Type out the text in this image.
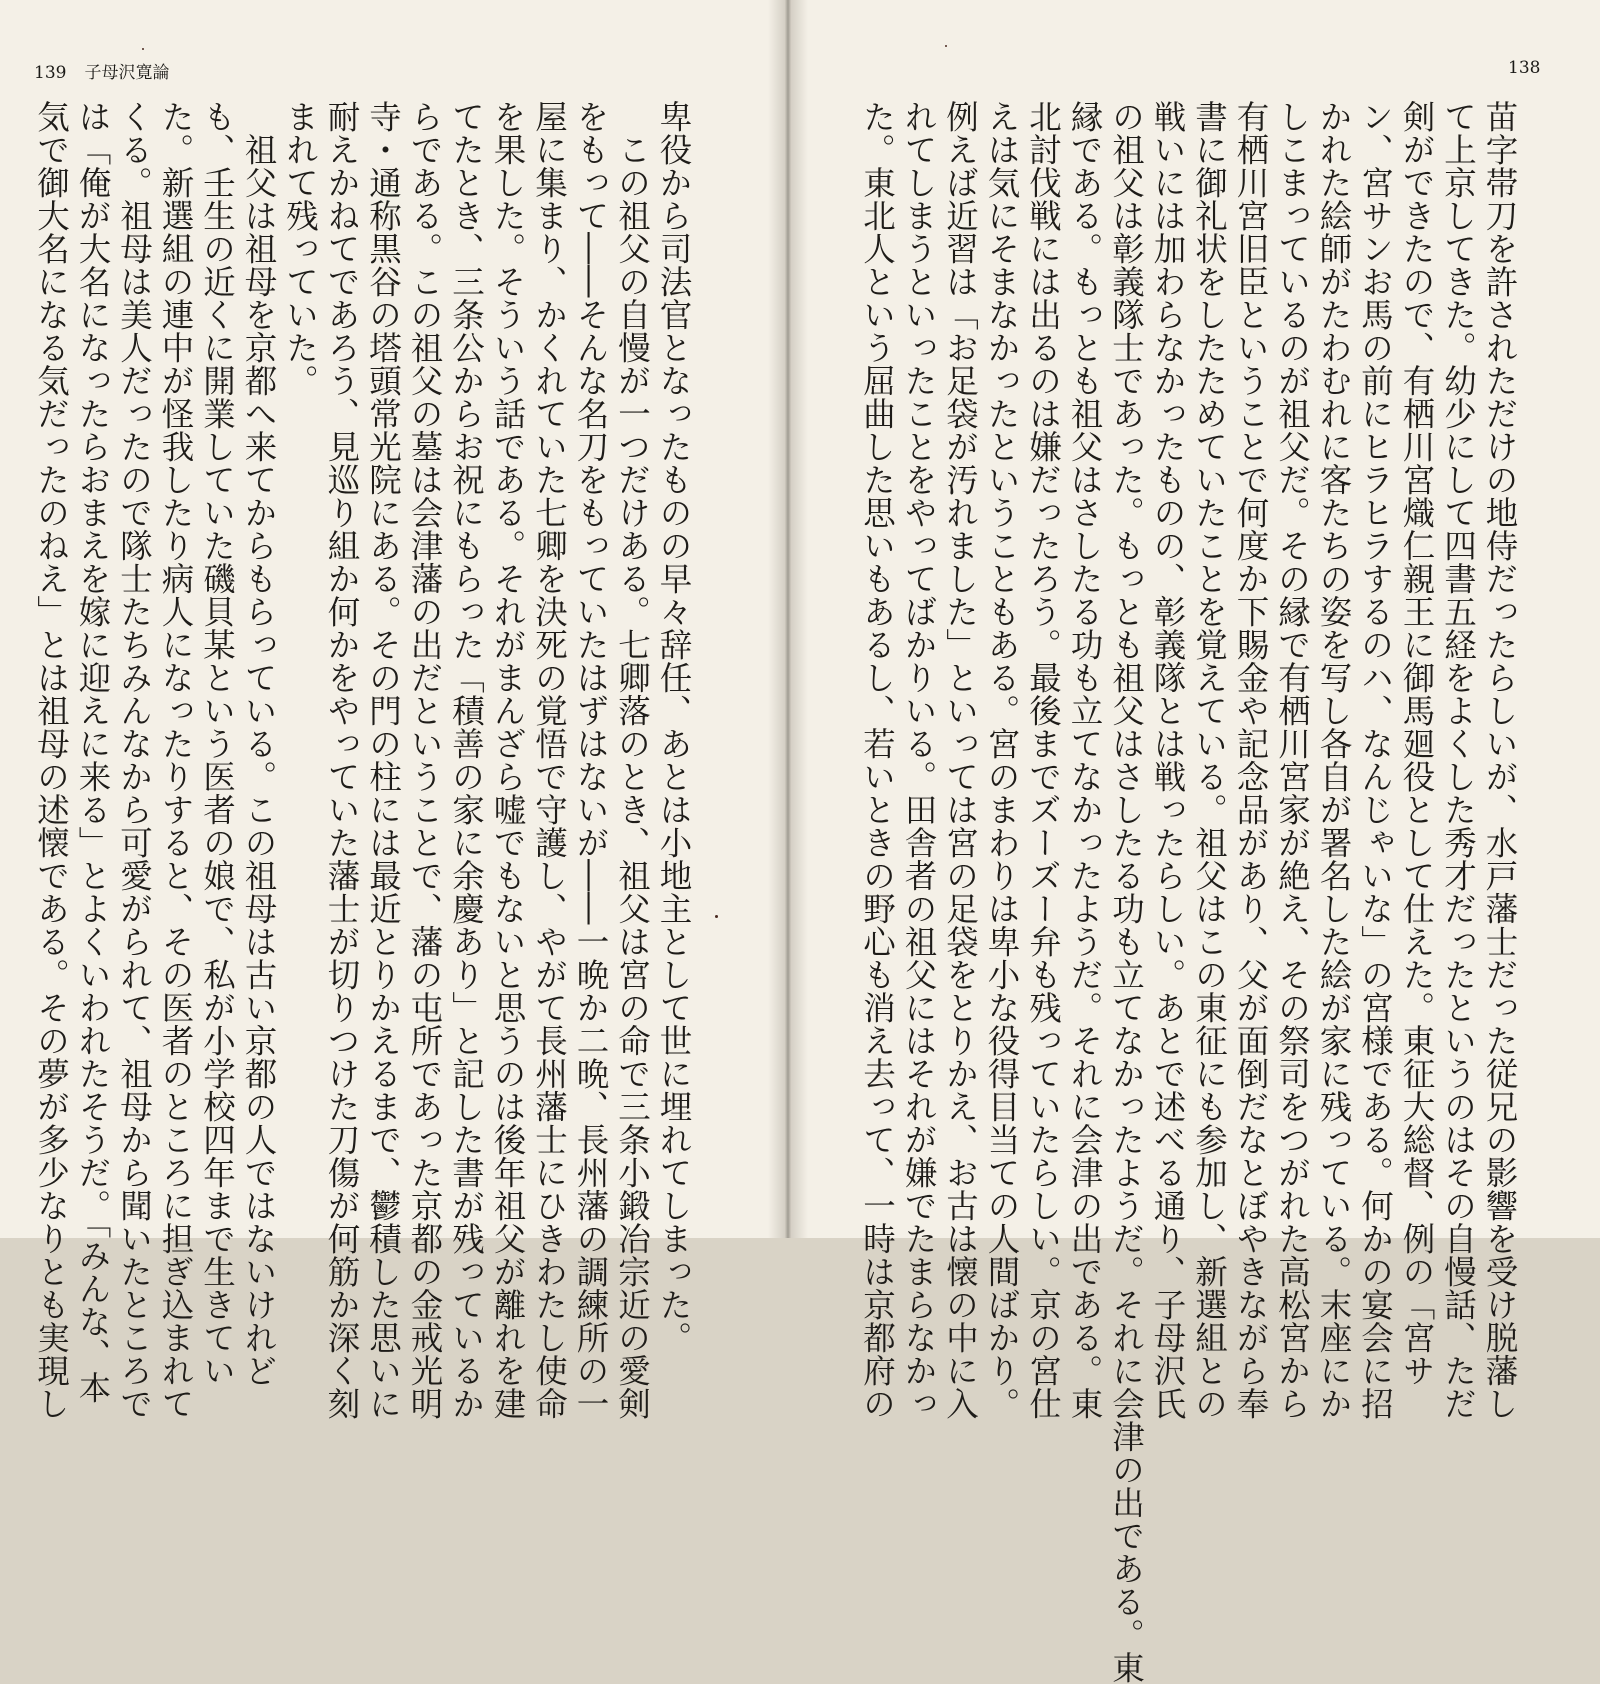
139 子母沢寛論
卑役から司法官となったものの早々辞任、あとは小地主として世に埋れてしまった。
　この祖父の自慢が一つだけある。七卿落のとき、祖父は宮の命で三条小鍛冶宗近の愛剣
をもって――そんな名刀をもっていたはずはないが――一晩か二晩、長州藩の調練所の一
屋に集まり、かくれていた七卿を決死の覚悟で守護し、やがて長州藩士にひきわたし使命
を果した。そういう話である。それがまんざら嘘でもないと思うのは後年祖父が離れを建
てたとき、三条公からお祝にもらった「積善の家に余慶あり」と記した書が残っているか
らである。この祖父の墓は会津藩の出だということで、藩の屯所であった京都の金戒光明
寺・通称黒谷の塔頭常光院にある。その門の柱には最近とりかえるまで、鬱積した思いに
耐えかねてであろう、見巡り組か何かをやっていた藩士が切りつけた刀傷が何筋か深く刻
まれて残っていた。
　祖父は祖母を京都へ来てからもらっている。この祖母は古い京都の人ではないけれど
も、壬生の近くに開業していた磯貝某という医者の娘で、私が小学校四年まで生きてい
た。新選組の連中が怪我したり病人になったりすると、その医者のところに担ぎ込まれて
くる。祖母は美人だったので隊士たちみんなから可愛がられて、祖母から聞いたところで
は「俺が大名になったらおまえを嫁に迎えに来る」とよくいわれたそうだ。「みんな、本
気で御大名になる気だったのねえ」とは祖母の述懐である。その夢が多少なりとも実現し
138
苗字帯刀を許されただけの地侍だったらしいが、水戸藩士だった従兄の影響を受け脱藩し
て上京してきた。幼少にして四書五経をよくした秀才だったというのはその自慢話、ただ
剣ができたので、有栖川宮熾仁親王に御馬廻役として仕えた。東征大総督、例の「宮サ
ン、宮サンお馬の前にヒラヒラするのハ、なんじゃいな」の宮様である。何かの宴会に招
かれた絵師がたわむれに客たちの姿を写し各自が署名した絵が家に残っている。末座にか
しこまっているのが祖父だ。その縁で有栖川宮家が絶え、その祭司をつがれた高松宮から
有栖川宮旧臣ということで何度か下賜金や記念品があり、父が面倒だなとぼやきながら奉
書に御礼状をしたためていたことを覚えている。祖父はこの東征にも参加し、新選組との
戦いには加わらなかったものの、彰義隊とは戦ったらしい。あとで述べる通り、子母沢氏
の祖父は彰義隊士であった。もっとも祖父はさしたる功も立てなかったようだ。それに会津の出である。東
縁である。もっとも祖父はさしたる功も立てなかったようだ。それに会津の出である。東
北討伐戦には出るのは嫌だったろう。最後までズーズー弁も残っていたらしい。京の宮仕
えは気にそまなかったということもある。宮のまわりは卑小な役得目当ての人間ばかり。
例えば近習は「お足袋が汚れました」といっては宮の足袋をとりかえ、お古は懐の中に入
れてしまうといったことをやってばかりいる。田舎者の祖父にはそれが嫌でたまらなかっ
た。東北人という屈曲した思いもあるし、若いときの野心も消え去って、一時は京都府の
